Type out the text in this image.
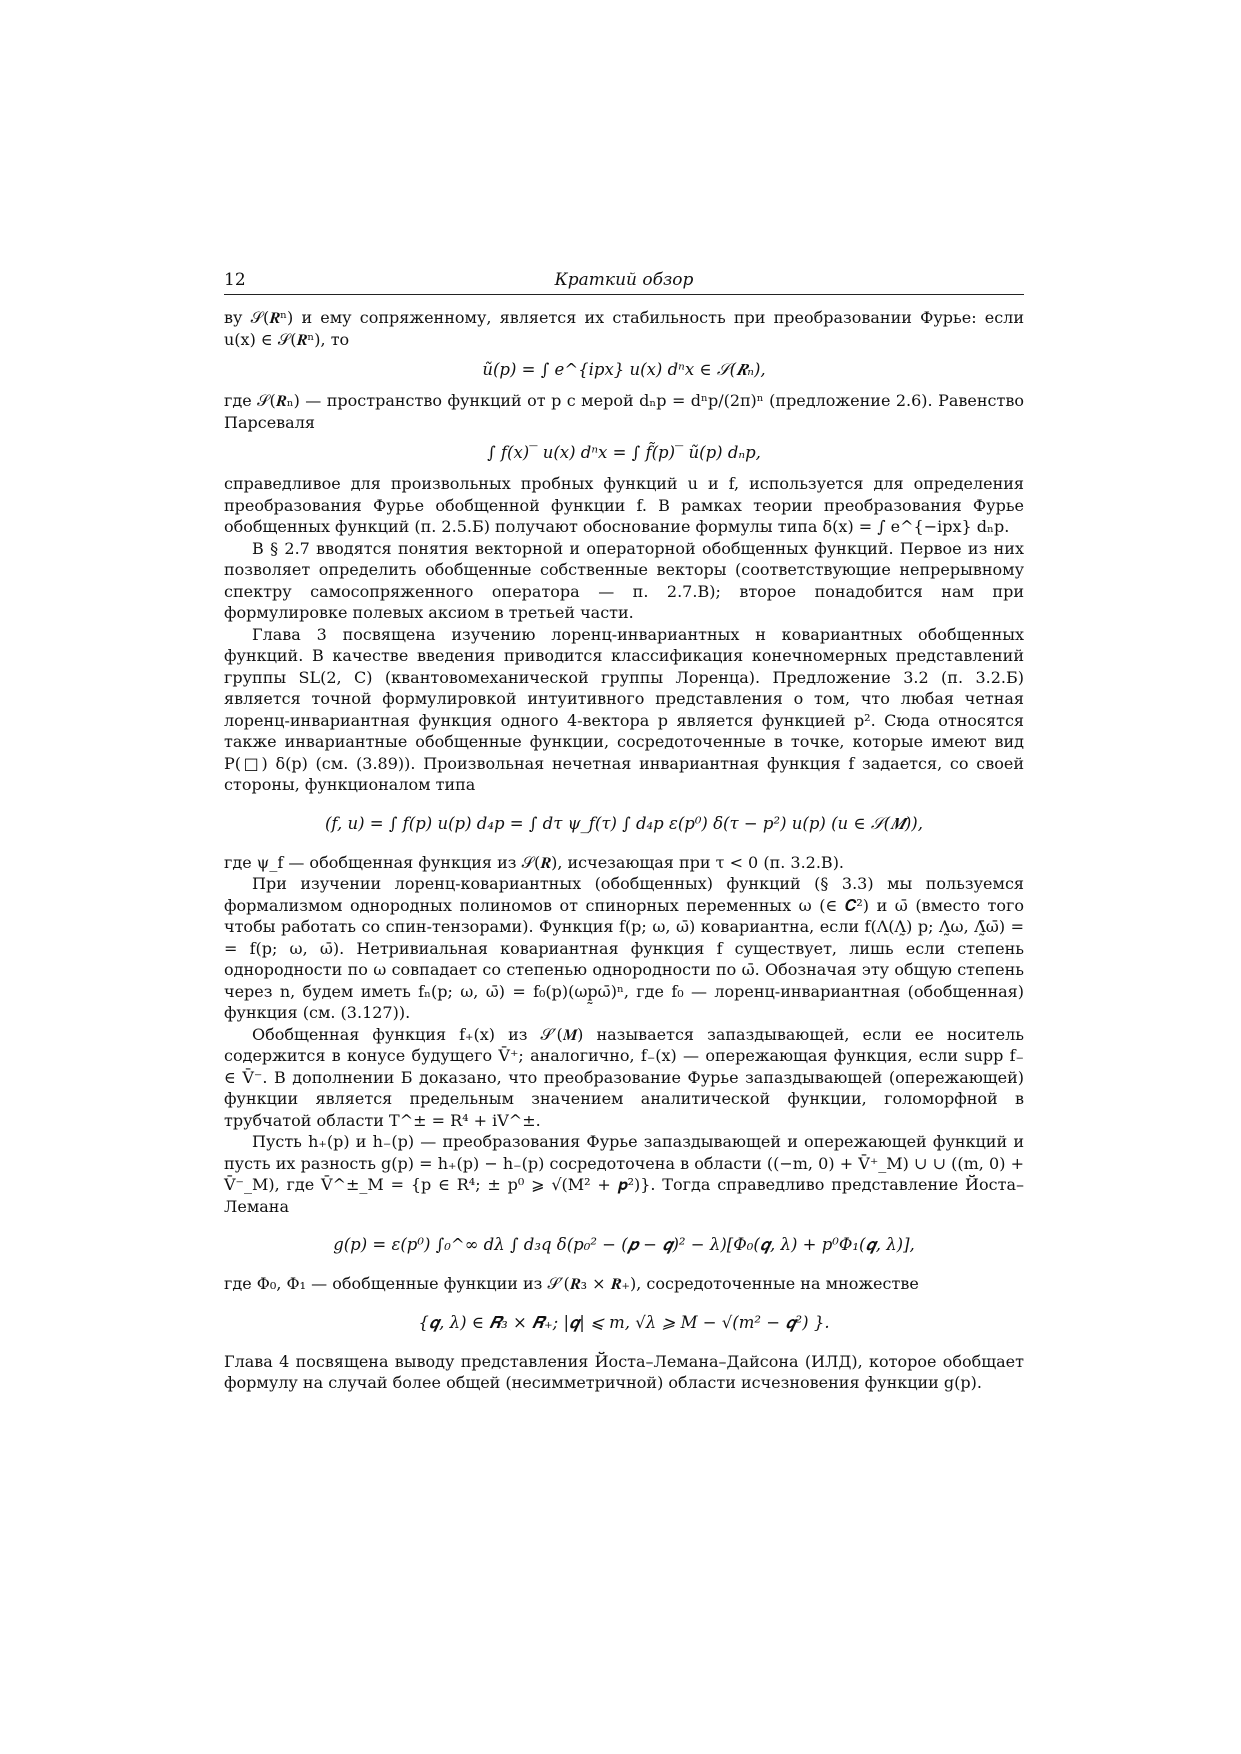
12	Краткий обзор

ву 𝒮(𝑹ⁿ) и ему сопряженному, является их стабильность при преобразовании Фурье: если u(x) ∈ 𝒮(𝑹ⁿ), то

ũ(p) = ∫ e^{ipx} u(x) dⁿx ∈ 𝒮(𝑹ₙ),

где 𝒮(𝑹ₙ) — пространство функций от p с мерой dₙp = dⁿp/(2π)ⁿ (предложение 2.6). Равенство Парсеваля

∫ f(x)‾ u(x) dⁿx = ∫ f̃(p)‾ ũ(p) dₙp,

справедливое для произвольных пробных функций u и f, используется для определения преобразования Фурье обобщенной функции f. В рамках теории преобразования Фурье обобщенных функций (п. 2.5.Б) получают обоснование формулы типа δ(x) = ∫ e^{−ipx} dₙp.

В § 2.7 вводятся понятия векторной и операторной обобщенных функций. Первое из них позволяет определить обобщенные собственные векторы (соответствующие непрерывному спектру самосопряженного оператора — п. 2.7.В); второе понадобится нам при формулировке полевых аксиом в третьей части.

Глава 3 посвящена изучению лоренц-инвариантных н ковариантных обобщенных функций. В качестве введения приводится классификация конечномерных представлений группы SL(2, C) (квантовомеханической группы Лоренца). Предложение 3.2 (п. 3.2.Б) является точной формулировкой интуитивного представления о том, что любая четная лоренц-инвариантная функция одного 4-вектора p является функцией p². Сюда относятся также инвариантные обобщенные функции, сосредоточенные в точке, которые имеют вид P(□) δ(p) (см. (3.89)). Произвольная нечетная инвариантная функция f задается, со своей стороны, функционалом типа

(f, u) = ∫ f(p) u(p) d₄p = ∫ dτ ψ_f(τ) ∫ d₄p ε(p⁰) δ(τ − p²) u(p) (u ∈ 𝒮(𝑴)),

где ψ_f — обобщенная функция из 𝒮(𝑹), исчезающая при τ < 0 (п. 3.2.В).

При изучении лоренц-ковариантных (обобщенных) функций (§ 3.3) мы пользуемся формализмом однородных полиномов от спинорных переменных ω (∈ 𝑪²) и ω̄ (вместо того чтобы работать со спин-тензорами). Функция f(p; ω, ω̄) ковариантна, если f(Λ(Λ̰) p; Λ̰ω, Λ̰̄ω̄) = = f(p; ω, ω̄). Нетривиальная ковариантная функция f существует, лишь если степень однородности по ω совпадает со степенью однородности по ω̄. Обозначая эту общую степень через n, будем иметь fₙ(p; ω, ω̄) = f₀(p)(ωp̰ω̄)ⁿ, где f₀ — лоренц-инвариантная (обобщенная) функция (см. (3.127)).

Обобщенная функция f₊(x) из 𝒮′(𝑴) называется запаздывающей, если ее носитель содержится в конусе будущего V̄⁺; аналогично, f₋(x) — опережающая функция, если supp f₋ ∈ V̄⁻. В дополнении Б доказано, что преобразование Фурье запаздывающей (опережающей) функции является предельным значением аналитической функции, голоморфной в трубчатой области T^± = R⁴ + iV^±.

Пусть h₊(p) и h₋(p) — преобразования Фурье запаздывающей и опережающей функций и пусть их разность g(p) = h₊(p) − h₋(p) сосредоточена в области ((−m, 0) + V̄⁺_M) ∪ ∪ ((m, 0) + V̄⁻_M), где V̄^±_M = {p ∈ R⁴; ± p⁰ ⩾ √(M² + 𝒑²)}. Тогда справедливо представление Йоста–Лемана

g(p) = ε(p⁰) ∫₀^∞ dλ ∫ d₃q δ(p₀² − (𝒑 − 𝒒)² − λ)[Φ₀(𝒒, λ) + p⁰Φ₁(𝒒, λ)],

где Φ₀, Φ₁ — обобщенные функции из 𝒮′(𝑹₃ × 𝑹̄₊), сосредоточенные на множестве

{𝒒, λ) ∈ 𝑹₃ × 𝑹̄₊; |𝒒| ⩽ m, √λ ⩾ M − √(m² − 𝒒²) }.

Глава 4 посвящена выводу представления Йоста–Лемана–Дайсона (ИЛД), которое обобщает формулу на случай более общей (несимметричной) области исчезновения функции g(p).
